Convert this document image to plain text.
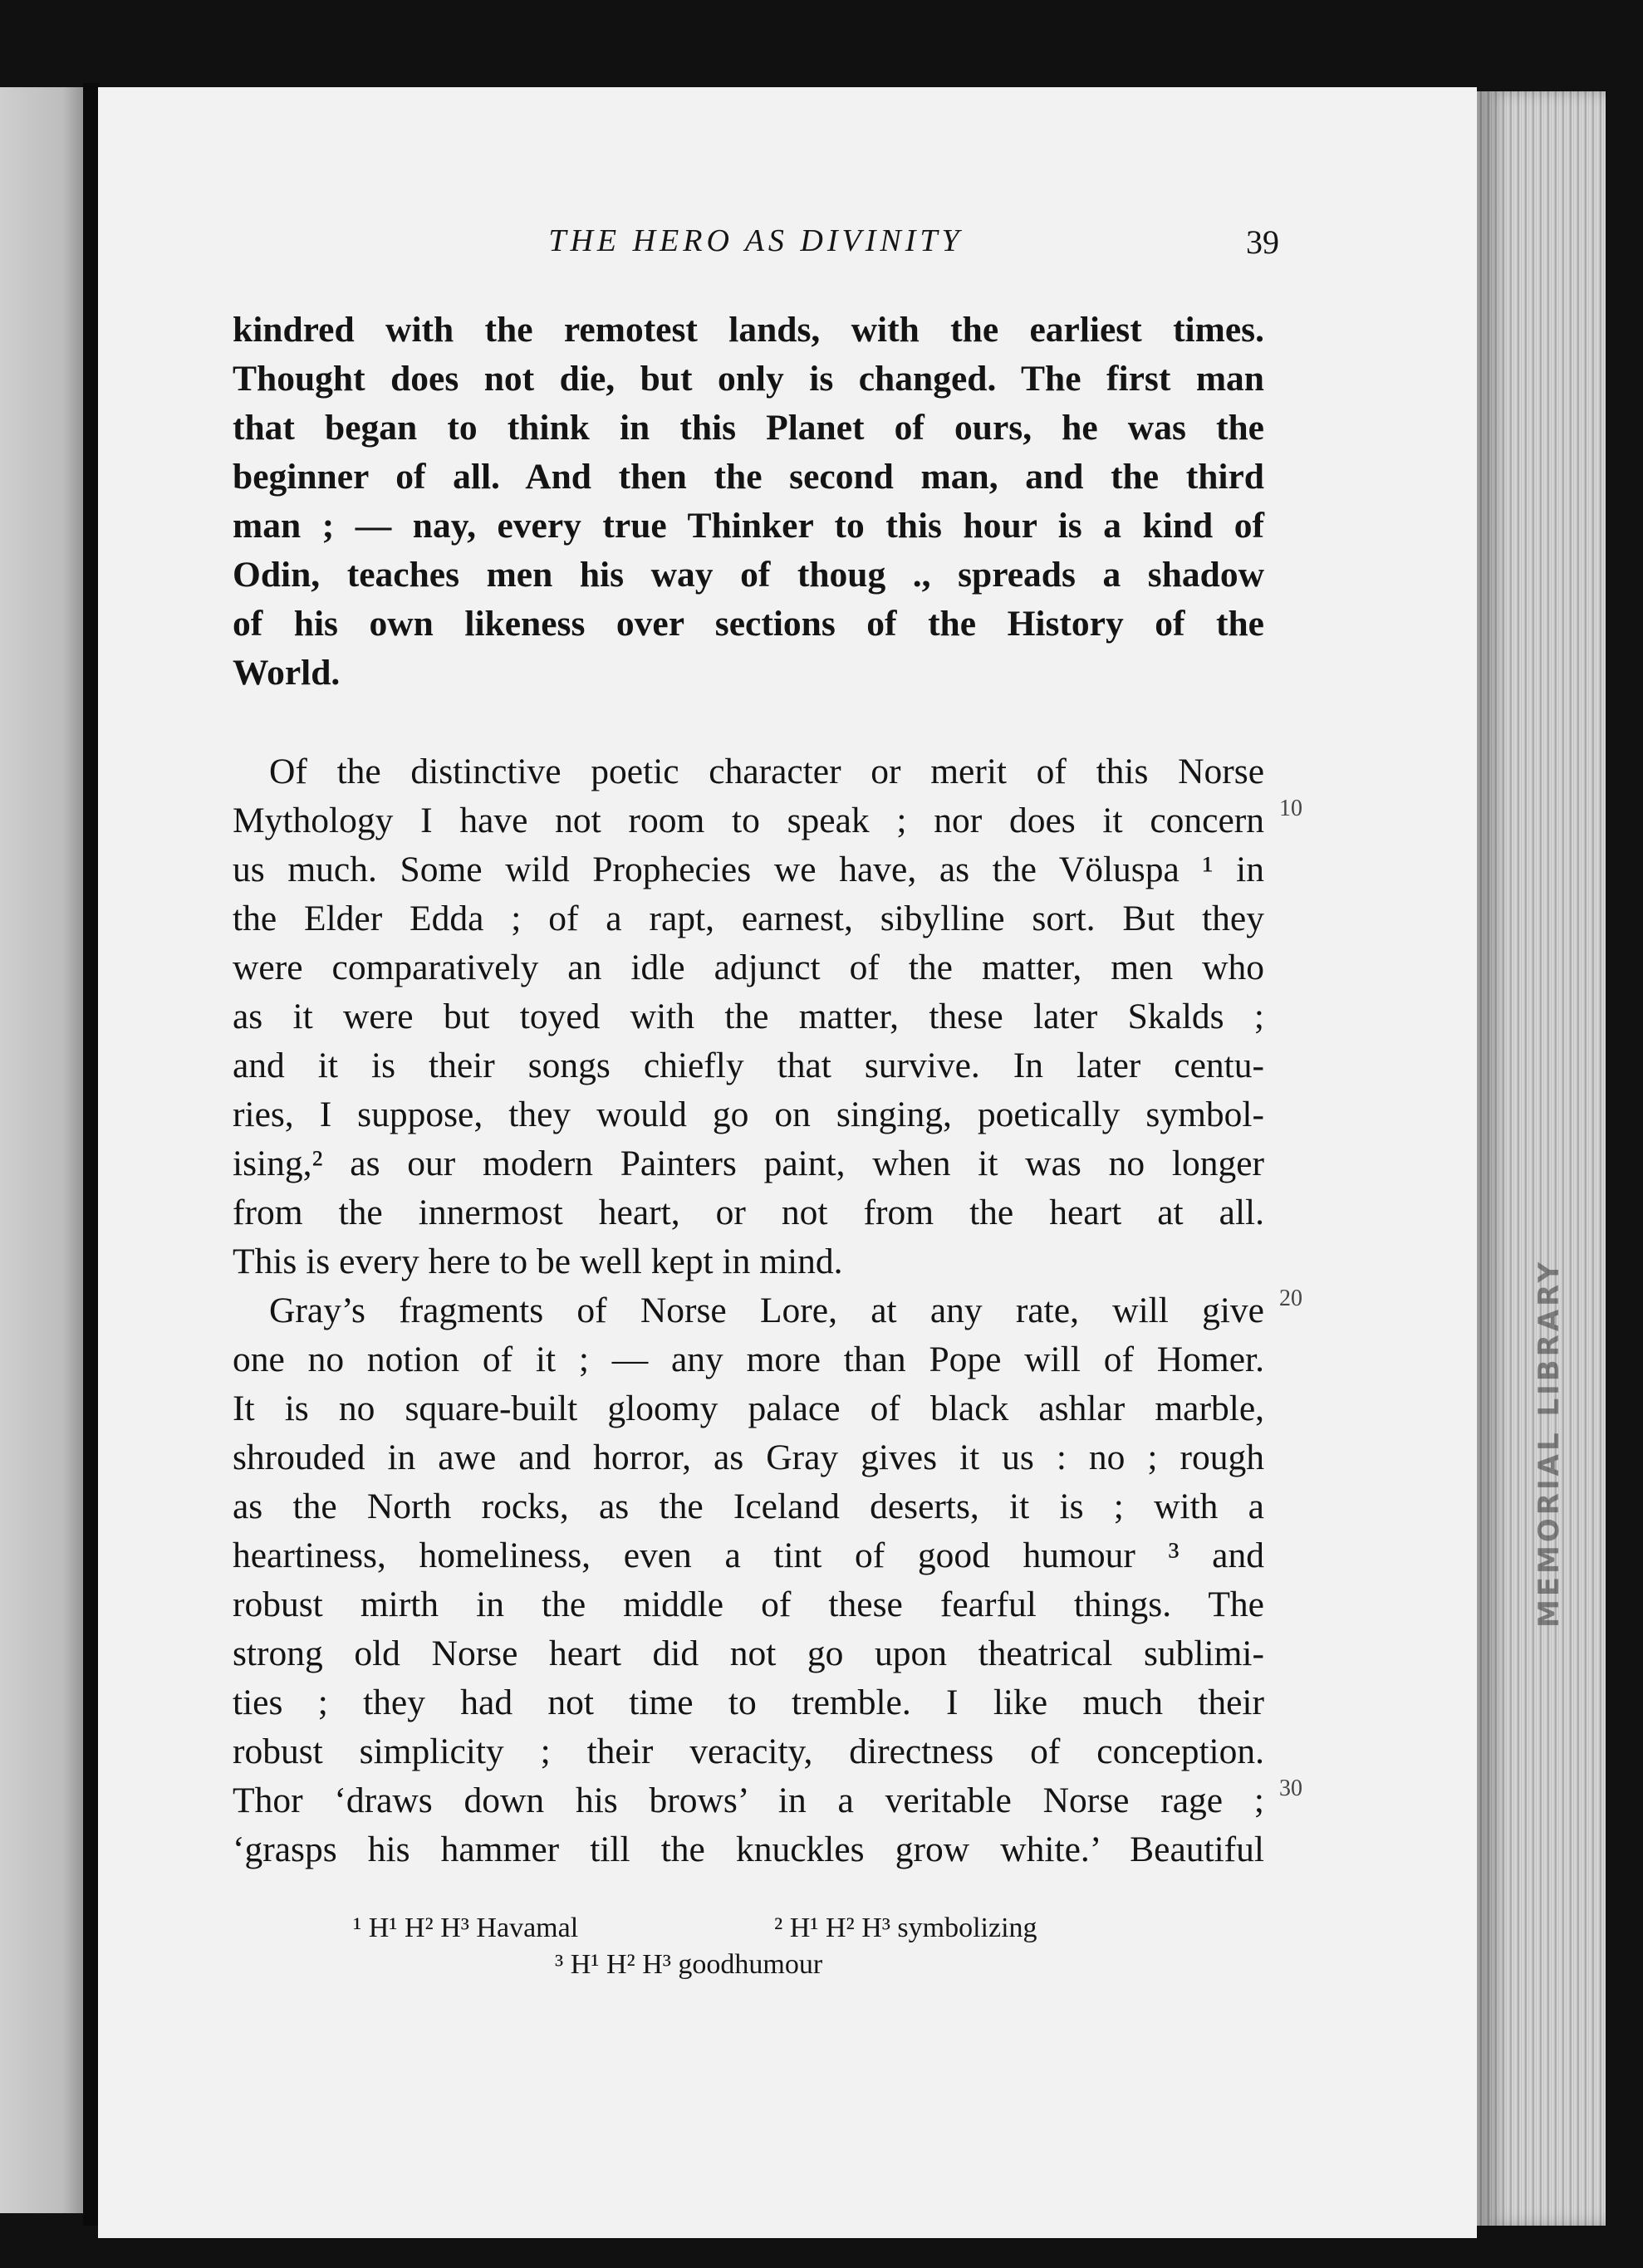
MEMORIAL LIBRARY
THE HERO AS DIVINITY	39
kindred with the remotest lands, with the earliest times.
Thought does not die, but only is changed. The first man
that began to think in this Planet of ours, he was the
beginner of all. And then the second man, and the third
man ; — nay, every true Thinker to this hour is a kind of
Odin, teaches men his way of thoug ., spreads a shadow
of his own likeness over sections of the History of the
World.
Of the distinctive poetic character or merit of this Norse
Mythology I have not room to speak ; nor does it concern
us much. Some wild Prophecies we have, as the Völuspa ¹ in
the Elder Edda ; of a rapt, earnest, sibylline sort. But they
were comparatively an idle adjunct of the matter, men who
as it were but toyed with the matter, these later Skalds ;
and it is their songs chiefly that survive. In later centu-
ries, I suppose, they would go on singing, poetically symbol-
ising,² as our modern Painters paint, when it was no longer
from the innermost heart, or not from the heart at all.
This is every here to be well kept in mind.
Gray’s fragments of Norse Lore, at any rate, will give
one no notion of it ; — any more than Pope will of Homer.
It is no square-built gloomy palace of black ashlar marble,
shrouded in awe and horror, as Gray gives it us : no ; rough
as the North rocks, as the Iceland deserts, it is ; with a
heartiness, homeliness, even a tint of good humour ³ and
robust mirth in the middle of these fearful things. The
strong old Norse heart did not go upon theatrical sublimi-
ties ; they had not time to tremble. I like much their
robust simplicity ; their veracity, directness of conception.
Thor ‘draws down his brows’ in a veritable Norse rage ;
‘grasps his hammer till the knuckles grow white.’ Beautiful
10
20
30
¹ H¹ H² H³ Havamal	² H¹ H² H³ symbolizing
³ H¹ H² H³ goodhumour
